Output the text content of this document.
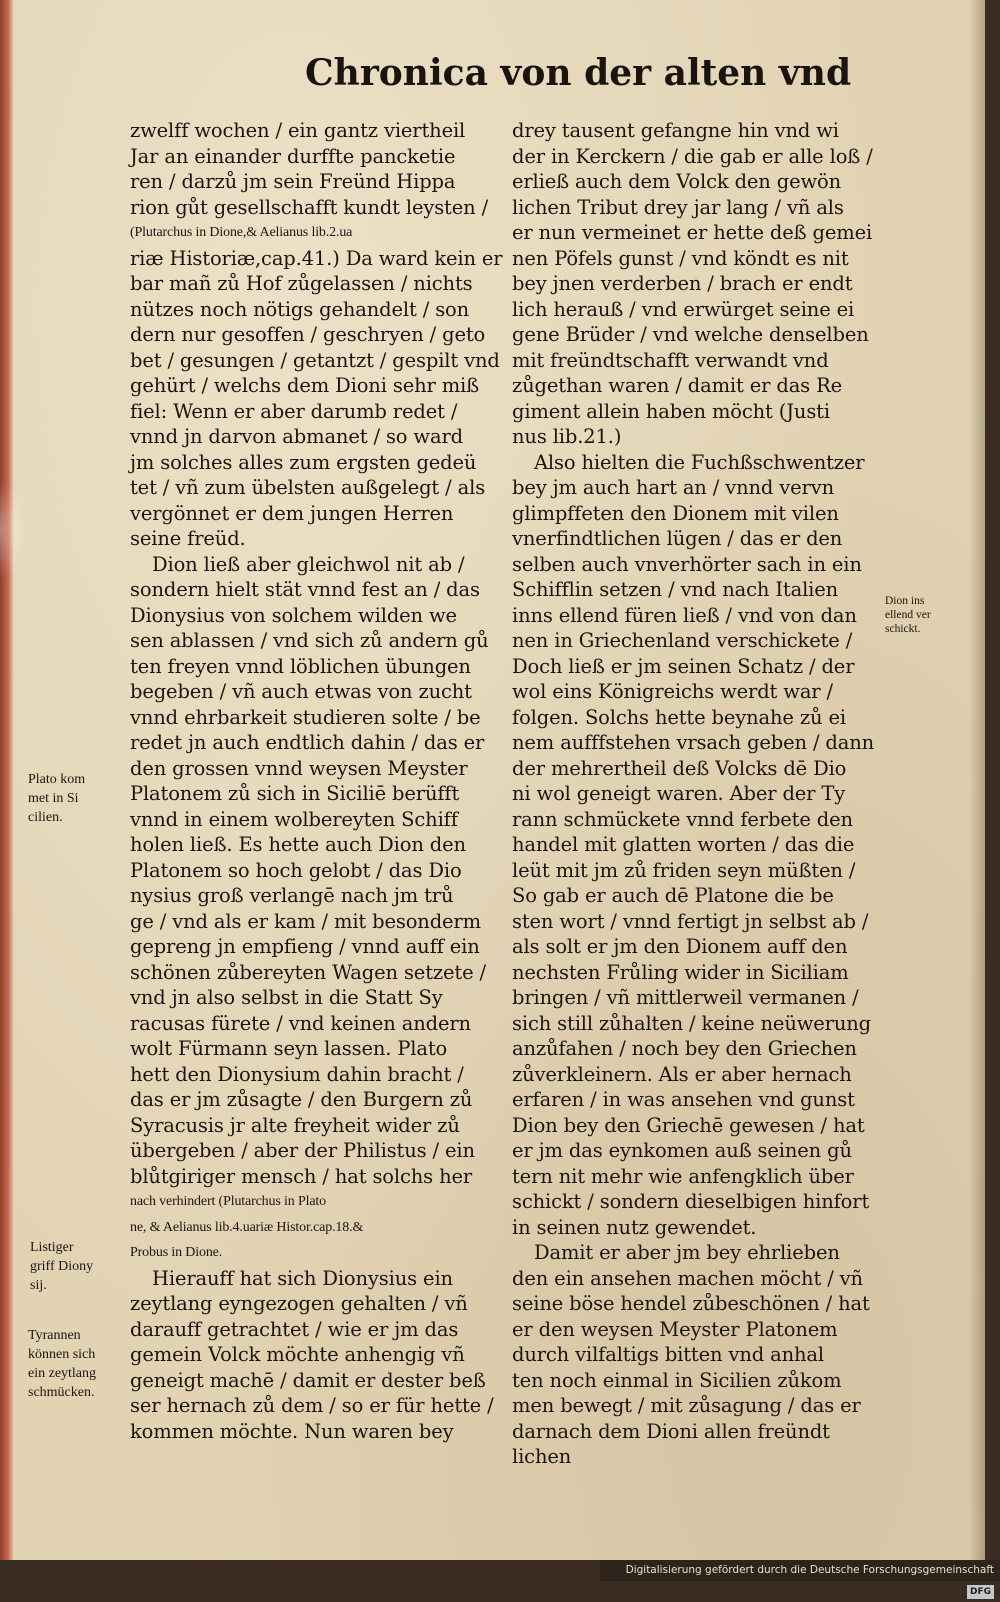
Chronica von der alten vnd
zwelff wochen / ein gantz viertheil
Jar an einander durffte pancketie
ren / darzů jm sein Freünd Hippa
rion gůt gesellschafft kundt leysten /
(Plutarchus in Dione,& Aelianus lib.2.ua
riæ Historiæ,cap.41.) Da ward kein er
bar mañ zů Hof zůgelassen / nichts
nützes noch nötigs gehandelt / son
dern nur gesoffen / geschryen / geto
bet / gesungen / getantzt / gespilt vnd
gehürt / welchs dem Dioni sehr miß
fiel: Wenn er aber darumb redet /
vnnd jn darvon abmanet / so ward
jm solches alles zum ergsten gedeü
tet / vñ zum übelsten außgelegt / als
vergönnet er dem jungen Herren
seine freüd.
Dion ließ aber gleichwol nit ab /
sondern hielt stät vnnd fest an / das
Dionysius von solchem wilden we
sen ablassen / vnd sich zů andern gů
ten freyen vnnd löblichen übungen
begeben / vñ auch etwas von zucht
vnnd ehrbarkeit studieren solte / be
redet jn auch endtlich dahin / das er
den grossen vnnd weysen Meyster
Platonem zů sich in Siciliē berüfft
vnnd in einem wolbereyten Schiff
holen ließ. Es hette auch Dion den
Platonem so hoch gelobt / das Dio
nysius groß verlangē nach jm trů
ge / vnd als er kam / mit besonderm
gepreng jn empfieng / vnnd auff ein
schönen zůbereyten Wagen setzete /
vnd jn also selbst in die Statt Sy
racusas fürete / vnd keinen andern
wolt Fürmann seyn lassen. Plato
hett den Dionysium dahin bracht /
das er jm zůsagte / den Burgern zů
Syracusis jr alte freyheit wider zů
übergeben / aber der Philistus / ein
blůtgiriger mensch / hat solchs her
nach verhindert (Plutarchus in Plato
ne, & Aelianus lib.4.uariæ Histor.cap.18.&
Probus in Dione.
Hierauff hat sich Dionysius ein
zeytlang eyngezogen gehalten / vñ
darauff getrachtet / wie er jm das
gemein Volck möchte anhengig vñ
geneigt machē / damit er dester beß
ser hernach zů dem / so er für hette /
kommen möchte. Nun waren bey
drey tausent gefangne hin vnd wi
der in Kerckern / die gab er alle loß /
erließ auch dem Volck den gewön
lichen Tribut drey jar lang / vñ als
er nun vermeinet er hette deß gemei
nen Pöfels gunst / vnd köndt es nit
bey jnen verderben / brach er endt
lich herauß / vnd erwürget seine ei
gene Brüder / vnd welche denselben
mit freündtschafft verwandt vnd
zůgethan waren / damit er das Re
giment allein haben möcht (Justi
nus lib.21.)
Also hielten die Fuchßschwentzer
bey jm auch hart an / vnnd vervn
glimpffeten den Dionem mit vilen
vnerfindtlichen lügen / das er den
selben auch vnverhörter sach in ein
Schifflin setzen / vnd nach Italien
inns ellend füren ließ / vnd von dan
nen in Griechenland verschickete /
Doch ließ er jm seinen Schatz / der
wol eins Königreichs werdt war /
folgen. Solchs hette beynahe zů ei
nem aufffstehen vrsach geben / dann
der mehrertheil deß Volcks dē Dio
ni wol geneigt waren. Aber der Ty
rann schmückete vnnd ferbete den
handel mit glatten worten / das die
leüt mit jm zů friden seyn müßten /
So gab er auch dē Platone die be
sten wort / vnnd fertigt jn selbst ab /
als solt er jm den Dionem auff den
nechsten Frůling wider in Siciliam
bringen / vñ mittlerweil vermanen /
sich still zůhalten / keine neüwerung
anzůfahen / noch bey den Griechen
zůverkleinern. Als er aber hernach
erfaren / in was ansehen vnd gunst
Dion bey den Griechē gewesen / hat
er jm das eynkomen auß seinen gů
tern nit mehr wie anfengklich über
schickt / sondern dieselbigen hinfort
in seinen nutz gewendet.
Damit er aber jm bey ehrlieben
den ein ansehen machen möcht / vñ
seine böse hendel zůbeschönen / hat
er den weysen Meyster Platonem
durch vilfaltigs bitten vnd anhal
ten noch einmal in Sicilien zůkom
men bewegt / mit zůsagung / das er
darnach dem Dioni allen freündt
lichen
Plato kom
met in Si
cilien.
Listiger
griff Diony
sij.
Tyrannen
können sich
ein zeytlang
schmücken.
Dion ins
ellend ver
schickt.
Digitalisierung gefördert durch die Deutsche Forschungsgemeinschaft DFG
